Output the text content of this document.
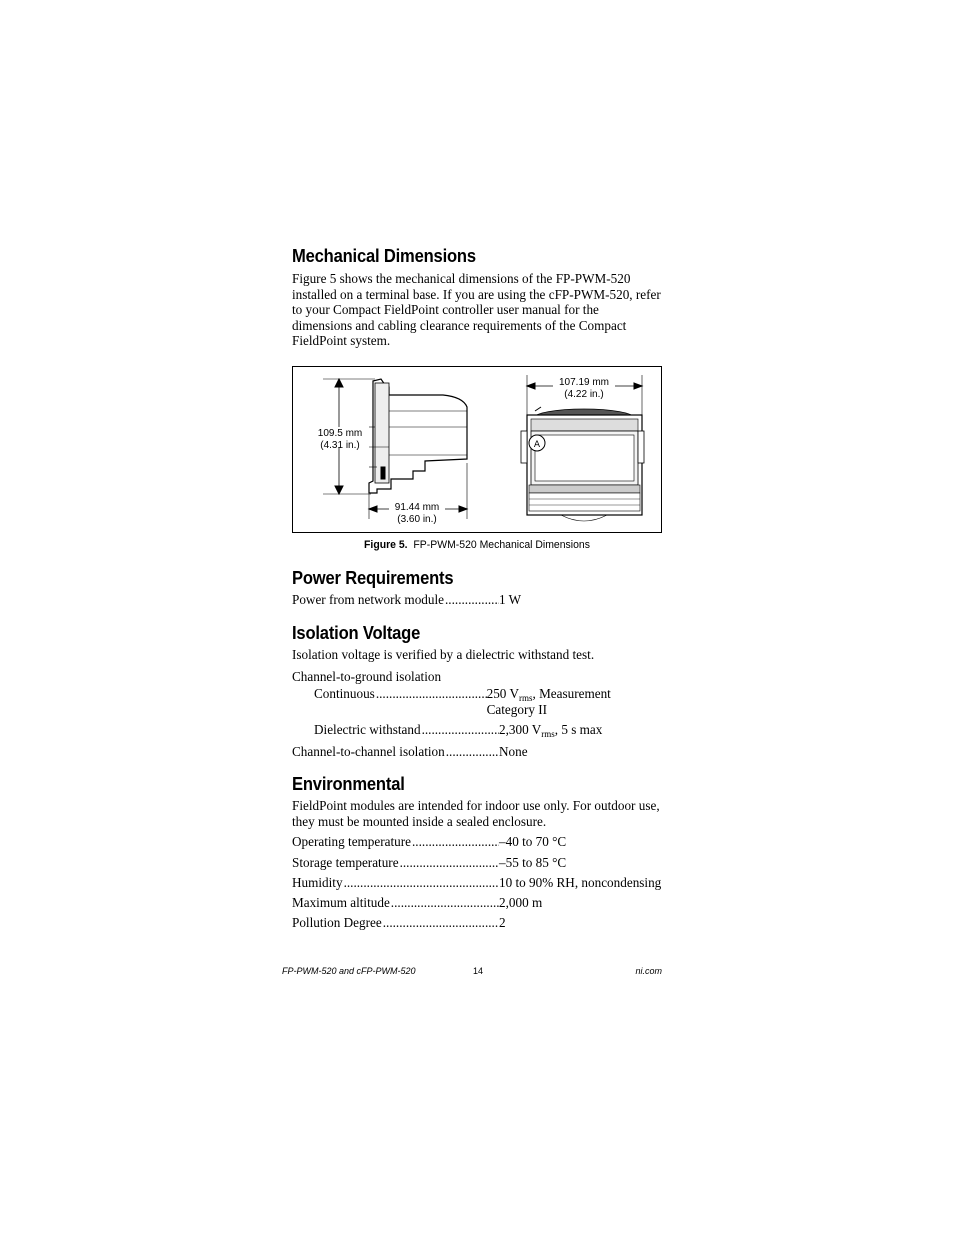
Mechanical Dimensions

Figure 5 shows the mechanical dimensions of the FP-PWM-520 installed on a terminal base. If you are using the cFP-PWM-520, refer to your Compact FieldPoint controller user manual for the dimensions and cabling clearance requirements of the Compact FieldPoint system.

109.5 mm
(4.31 in.)
91.44 mm
(3.60 in.)
A
107.19 mm
(4.22 in.)
Figure 5. FP-PWM-520 Mechanical Dimensions
Power Requirements
Power from network module .....	1 W
Isolation Voltage

Isolation voltage is verified by a dielectric withstand test.

Channel-to-ground isolation

Continuous .....	250 $V_{rms}$, Measurement Category II
Dielectric withstand .....	2,300 $V_{rms}$, 5 s max
Channel-to-channel isolation .....	None
Environmental

FieldPoint modules are intended for indoor use only. For outdoor use, they must be mounted inside a sealed enclosure.

Operating temperature .....	–40 to 70 °C
Storage temperature .....	–55 to 85 °C
Humidity .....	10 to 90% RH, noncondensing
Maximum altitude .....	2,000 m
Pollution Degree .....	2
FP-PWM-520 and cFP-PWM-520	14	ni.com
